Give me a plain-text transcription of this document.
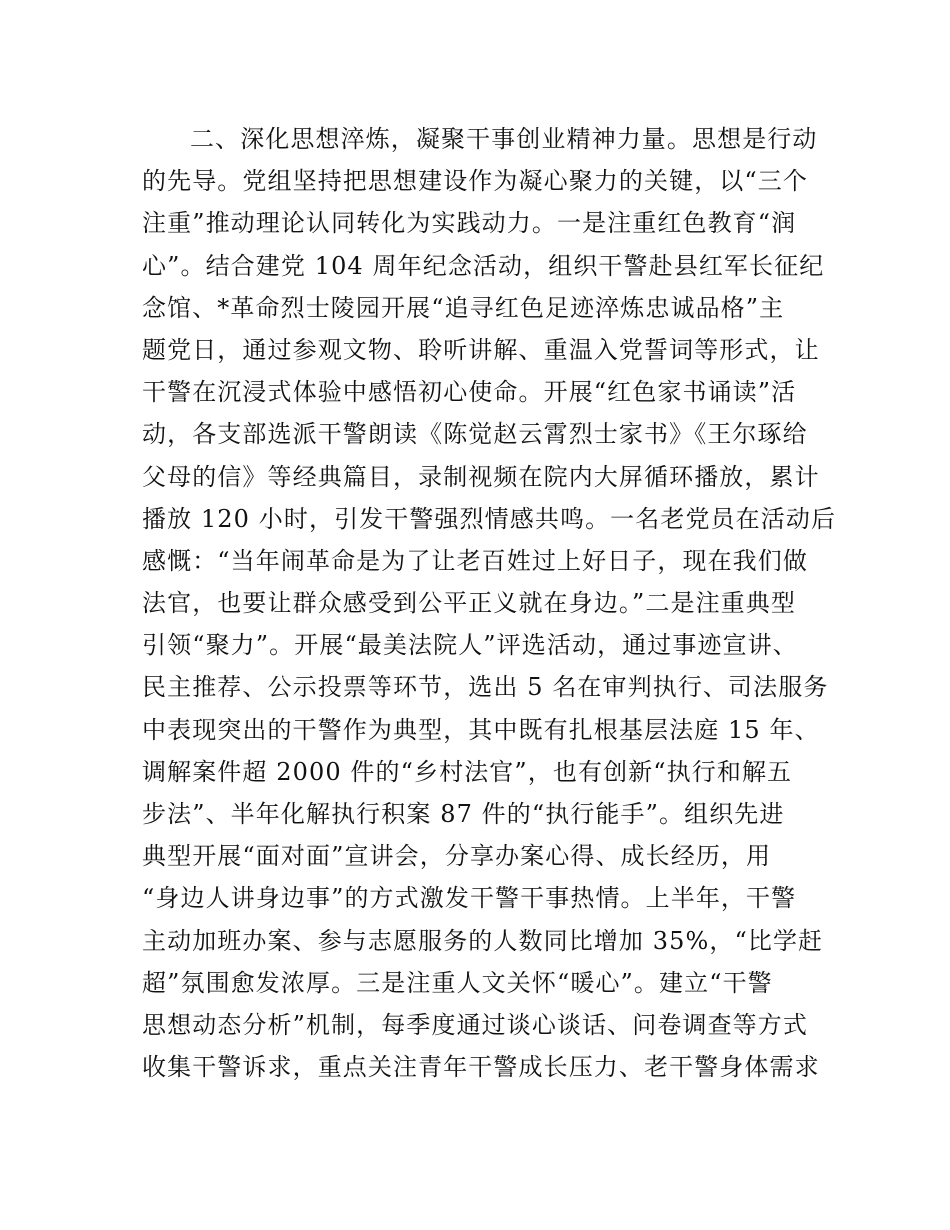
二、深化思想淬炼，凝聚干事创业精神力量。思想是行动
的先导。党组坚持把思想建设作为凝心聚力的关键，以“三个
注重”推动理论认同转化为实践动力。一是注重红色教育“润
心”。结合建党 104 周年纪念活动，组织干警赴县红军长征纪
念馆、*革命烈士陵园开展“追寻红色足迹淬炼忠诚品格”主
题党日，通过参观文物、聆听讲解、重温入党誓词等形式，让
干警在沉浸式体验中感悟初心使命。开展“红色家书诵读”活
动，各支部选派干警朗读《陈觉赵云霄烈士家书》《王尔琢给
父母的信》等经典篇目，录制视频在院内大屏循环播放，累计
播放 120 小时，引发干警强烈情感共鸣。一名老党员在活动后
感慨：“当年闹革命是为了让老百姓过上好日子，现在我们做
法官，也要让群众感受到公平正义就在身边。”二是注重典型
引领“聚力”。开展“最美法院人”评选活动，通过事迹宣讲、
民主推荐、公示投票等环节，选出 5 名在审判执行、司法服务
中表现突出的干警作为典型，其中既有扎根基层法庭 15 年、
调解案件超 2000 件的“乡村法官”，也有创新“执行和解五
步法”、半年化解执行积案 87 件的“执行能手”。组织先进
典型开展“面对面”宣讲会，分享办案心得、成长经历，用
“身边人讲身边事”的方式激发干警干事热情。上半年，干警
主动加班办案、参与志愿服务的人数同比增加 35%，“比学赶
超”氛围愈发浓厚。三是注重人文关怀“暖心”。建立“干警
思想动态分析”机制，每季度通过谈心谈话、问卷调查等方式
收集干警诉求，重点关注青年干警成长压力、老干警身体需求
